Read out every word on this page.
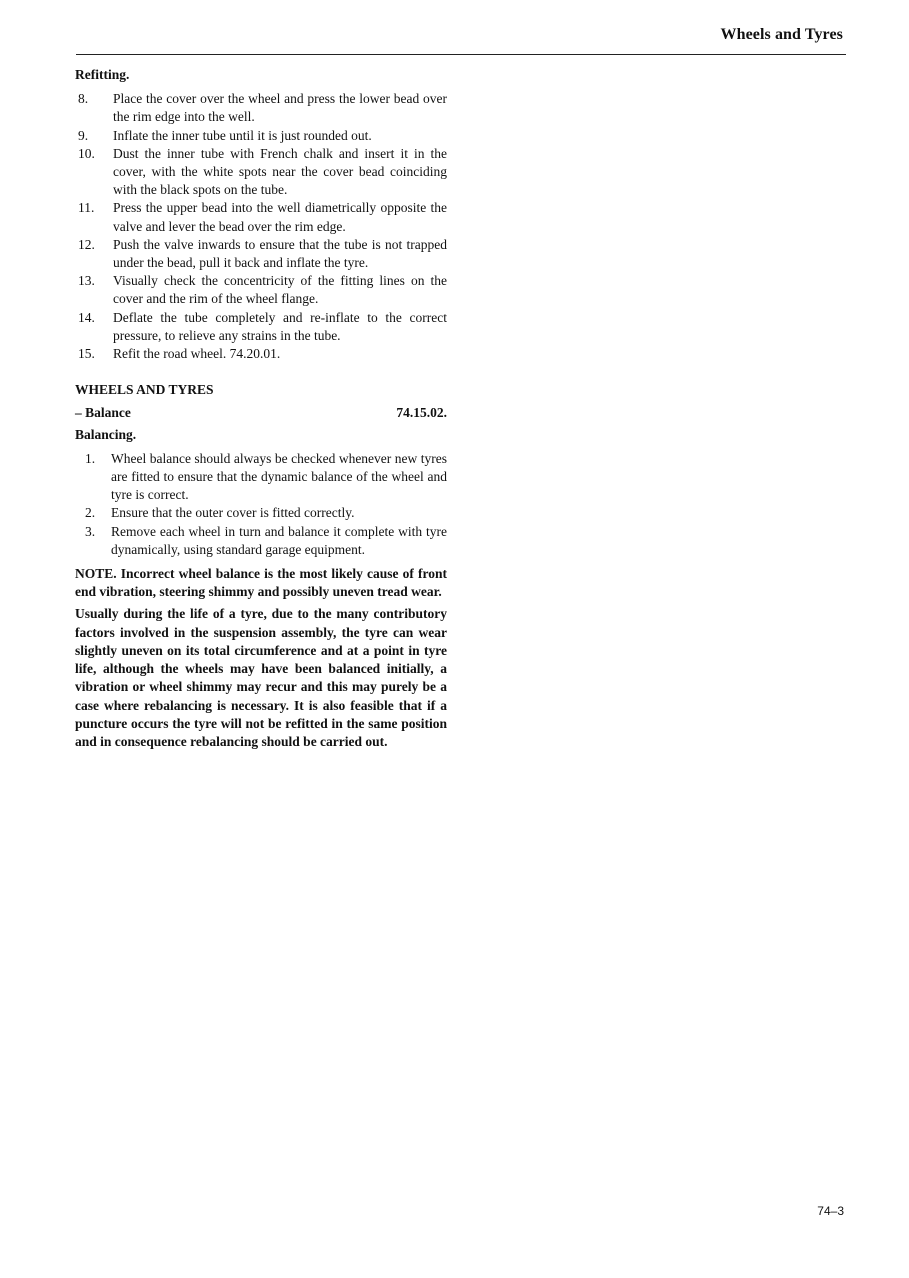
Wheels and Tyres
Refitting.
8.	Place the cover over the wheel and press the lower bead over the rim edge into the well.
9.	Inflate the inner tube until it is just rounded out.
10.	Dust the inner tube with French chalk and insert it in the cover, with the white spots near the cover bead coinciding with the black spots on the tube.
11.	Press the upper bead into the well diametrically opposite the valve and lever the bead over the rim edge.
12.	Push the valve inwards to ensure that the tube is not trapped under the bead, pull it back and inflate the tyre.
13.	Visually check the concentricity of the fitting lines on the cover and the rim of the wheel flange.
14.	Deflate the tube completely and re-inflate to the correct pressure, to relieve any strains in the tube.
15.	Refit the road wheel. 74.20.01.
WHEELS AND TYRES
– Balance	74.15.02.
Balancing.
1.	Wheel balance should always be checked whenever new tyres are fitted to ensure that the dynamic balance of the wheel and tyre is correct.
2.	Ensure that the outer cover is fitted correctly.
3.	Remove each wheel in turn and balance it complete with tyre dynamically, using standard garage equipment.

NOTE. Incorrect wheel balance is the most likely cause of front end vibration, steering shimmy and possibly uneven tread wear.

Usually during the life of a tyre, due to the many contributory factors involved in the suspension assembly, the tyre can wear slightly uneven on its total circumference and at a point in tyre life, although the wheels may have been balanced initially, a vibration or wheel shimmy may recur and this may purely be a case where rebalancing is necessary. It is also feasible that if a puncture occurs the tyre will not be refitted in the same position and in consequence rebalancing should be carried out.

74–3
